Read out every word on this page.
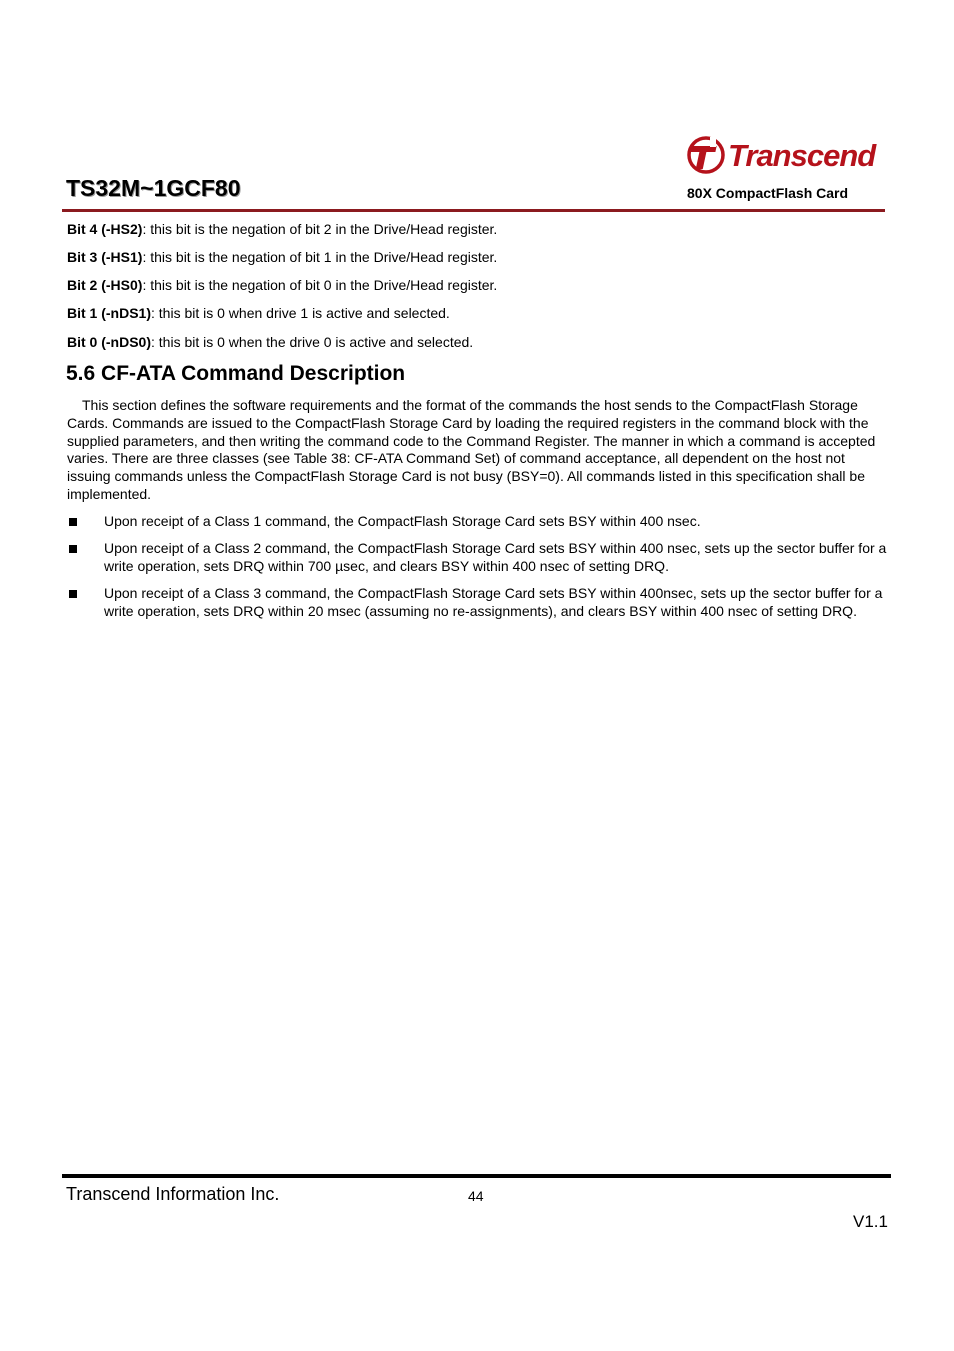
Transcend
TS32M~1GCF80	80X CompactFlash Card
Bit 4 (-HS2): this bit is the negation of bit 2 in the Drive/Head register.
Bit 3 (-HS1): this bit is the negation of bit 1 in the Drive/Head register.
Bit 2 (-HS0): this bit is the negation of bit 0 in the Drive/Head register.
Bit 1 (-nDS1): this bit is 0 when drive 1 is active and selected.
Bit 0 (-nDS0): this bit is 0 when the drive 0 is active and selected.
5.6 CF-ATA Command Description
This section defines the software requirements and the format of the commands the host sends to the CompactFlash Storage Cards. Commands are issued to the CompactFlash Storage Card by loading the required registers in the command block with the supplied parameters, and then writing the command code to the Command Register. The manner in which a command is accepted varies. There are three classes (see Table 38: CF-ATA Command Set) of command acceptance, all dependent on the host not issuing commands unless the CompactFlash Storage Card is not busy (BSY=0). All commands listed in this specification shall be implemented.
Upon receipt of a Class 1 command, the CompactFlash Storage Card sets BSY within 400 nsec.
Upon receipt of a Class 2 command, the CompactFlash Storage Card sets BSY within 400 nsec, sets up the sector buffer for a write operation, sets DRQ within 700 µsec, and clears BSY within 400 nsec of setting DRQ.
Upon receipt of a Class 3 command, the CompactFlash Storage Card sets BSY within 400nsec, sets up the sector buffer for a write operation, sets DRQ within 20 msec (assuming no re-assignments), and clears BSY within 400 nsec of setting DRQ.
Transcend Information Inc.	44
V1.1
